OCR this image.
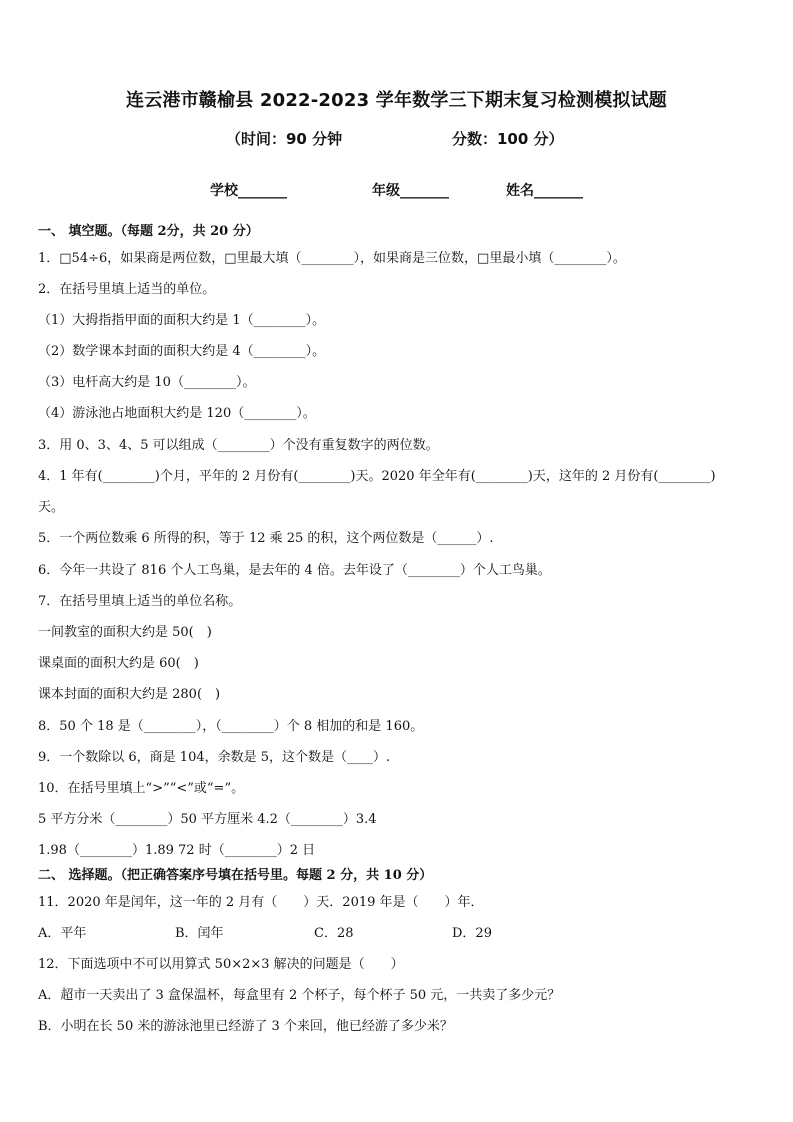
连云港市赣榆县 2022-2023 学年数学三下期末复习检测模拟试题
（时间：90 分钟	分数：100 分）
学校_______	年级_______	姓名_______
一、 填空题。（每题 2分，共 20 分）
1．□54÷6，如果商是两位数，□里最大填（________），如果商是三位数，□里最小填（________）。
2．在括号里填上适当的单位。
（1）大拇指指甲面的面积大约是 1（________）。
（2）数学课本封面的面积大约是 4（________）。
（3）电杆高大约是 10（________）。
（4）游泳池占地面积大约是 120（________）。
3．用 0、3、4、5 可以组成（________）个没有重复数字的两位数。
4．1 年有(________)个月，平年的 2 月份有(________)天。2020 年全年有(________)天，这年的 2 月份有(________)
天。
5．一个两位数乘 6 所得的积，等于 12 乘 25 的积，这个两位数是（______）.
6．今年一共设了 816 个人工鸟巢，是去年的 4 倍。去年设了（________）个人工鸟巢。
7．在括号里填上适当的单位名称。
一间教室的面积大约是 50(　)
课桌面的面积大约是 60(　)
课本封面的面积大约是 280(　)
8．50 个 18 是（________），（________）个 8 相加的和是 160。
9．一个数除以 6，商是 104，余数是 5，这个数是（____）.
10．在括号里填上“>”“<”或“=”。
5 平方分米（________）50 平方厘米 4.2（________）3.4
1.98（________）1.89 72 时（________）2 日
二、 选择题。（把正确答案序号填在括号里。每题 2 分，共 10 分）
11．2020 年是闰年，这一年的 2 月有（　　）天．2019 年是（　　）年．
A．平年	B．闰年	C．28	D．29
12．下面选项中不可以用算式 50×2×3 解决的问题是（　　）
A．超市一天卖出了 3 盒保温杯，每盒里有 2 个杯子，每个杯子 50 元，一共卖了多少元？
B．小明在长 50 米的游泳池里已经游了 3 个来回，他已经游了多少米？
